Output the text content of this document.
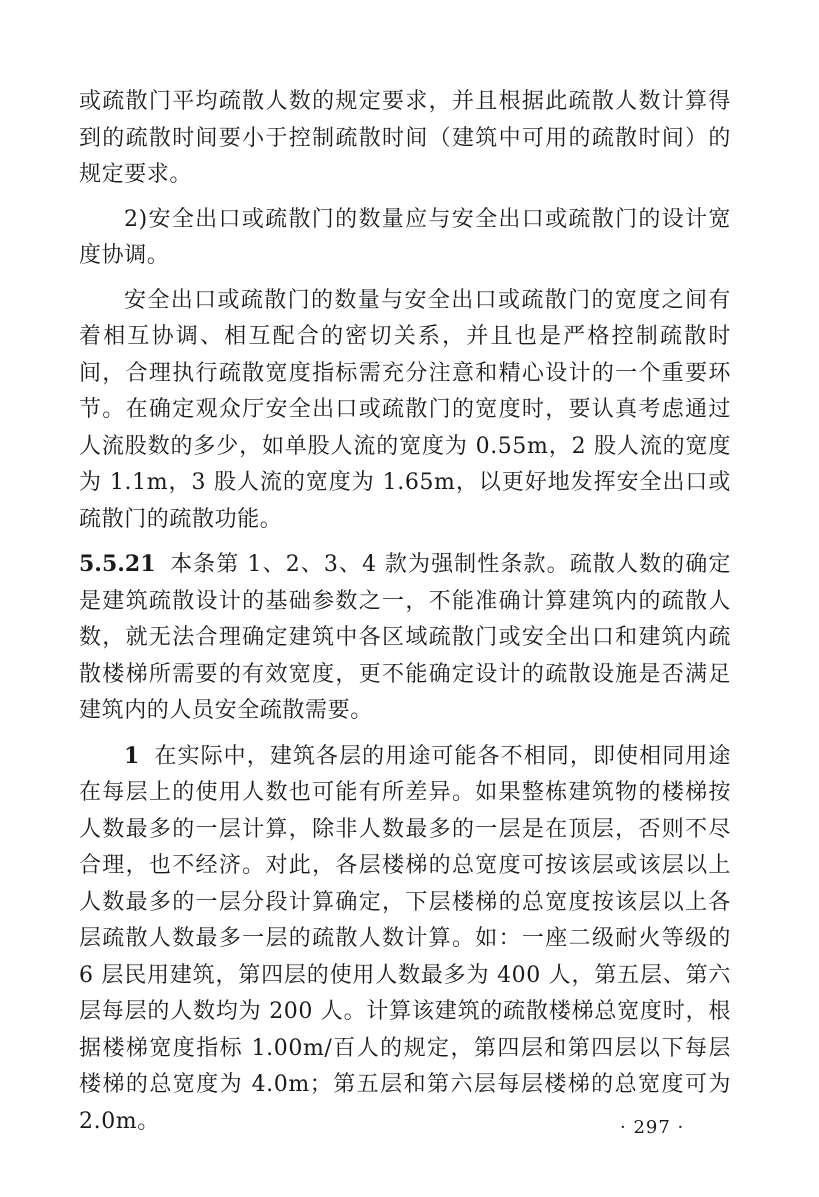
或疏散门平均疏散人数的规定要求，并且根据此疏散人数计算得到的疏散时间要小于控制疏散时间（建筑中可用的疏散时间）的规定要求。

2)安全出口或疏散门的数量应与安全出口或疏散门的设计宽度协调。

安全出口或疏散门的数量与安全出口或疏散门的宽度之间有着相互协调、相互配合的密切关系，并且也是严格控制疏散时间，合理执行疏散宽度指标需充分注意和精心设计的一个重要环节。在确定观众厅安全出口或疏散门的宽度时，要认真考虑通过人流股数的多少，如单股人流的宽度为 0.55m，2 股人流的宽度为 1.1m，3 股人流的宽度为 1.65m，以更好地发挥安全出口或疏散门的疏散功能。

5.5.21 本条第 1、2、3、4 款为强制性条款。疏散人数的确定是建筑疏散设计的基础参数之一，不能准确计算建筑内的疏散人数，就无法合理确定建筑中各区域疏散门或安全出口和建筑内疏散楼梯所需要的有效宽度，更不能确定设计的疏散设施是否满足建筑内的人员安全疏散需要。

1 在实际中，建筑各层的用途可能各不相同，即使相同用途在每层上的使用人数也可能有所差异。如果整栋建筑物的楼梯按人数最多的一层计算，除非人数最多的一层是在顶层，否则不尽合理，也不经济。对此，各层楼梯的总宽度可按该层或该层以上人数最多的一层分段计算确定，下层楼梯的总宽度按该层以上各层疏散人数最多一层的疏散人数计算。如：一座二级耐火等级的 6 层民用建筑，第四层的使用人数最多为 400 人，第五层、第六层每层的人数均为 200 人。计算该建筑的疏散楼梯总宽度时，根据楼梯宽度指标 1.00m/百人的规定，第四层和第四层以下每层楼梯的总宽度为 4.0m；第五层和第六层每层楼梯的总宽度可为 2.0m。	· 297 ·
